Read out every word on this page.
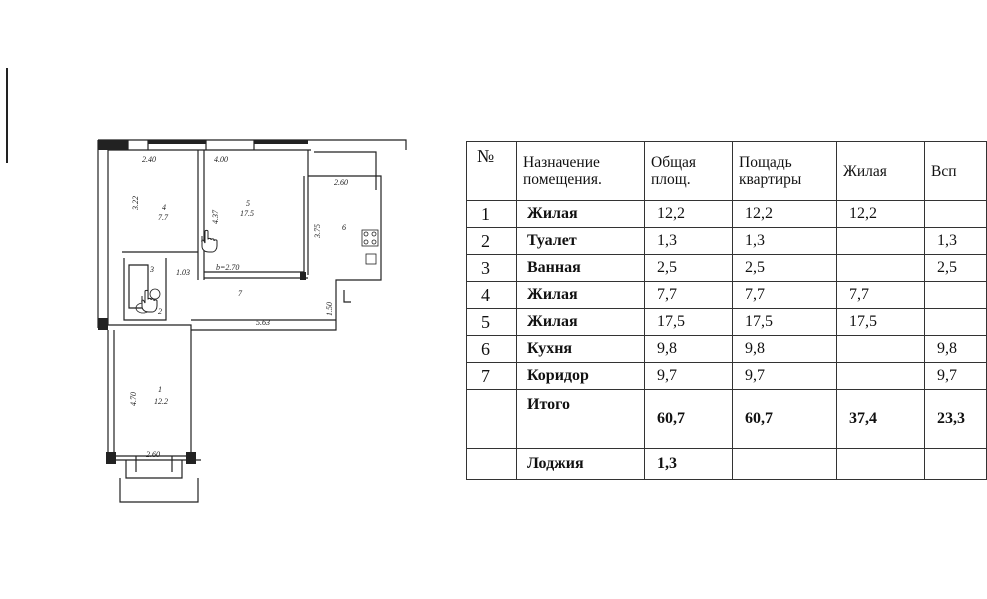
2.40	4.00
2.60
3.22
4.37
3.75
1.03
b=2.70
1.50
5.63
4.70
2.60
4
7.7
5
17.5
6
3
2
7
1
12.2
№	Назначение помещения.	Общая площ.	Пощадь квартиры	Жилая	Всп
1	Жилая	12,2	12,2	12,2	
2	Туалет	1,3	1,3		1,3
3	Ванная	2,5	2,5		2,5
4	Жилая	7,7	7,7	7,7	
5	Жилая	17,5	17,5	17,5	
6	Кухня	9,8	9,8		9,8
7	Коридор	9,7	9,7		9,7
	Итого	60,7	60,7	37,4	23,3
	Лоджия	1,3			
